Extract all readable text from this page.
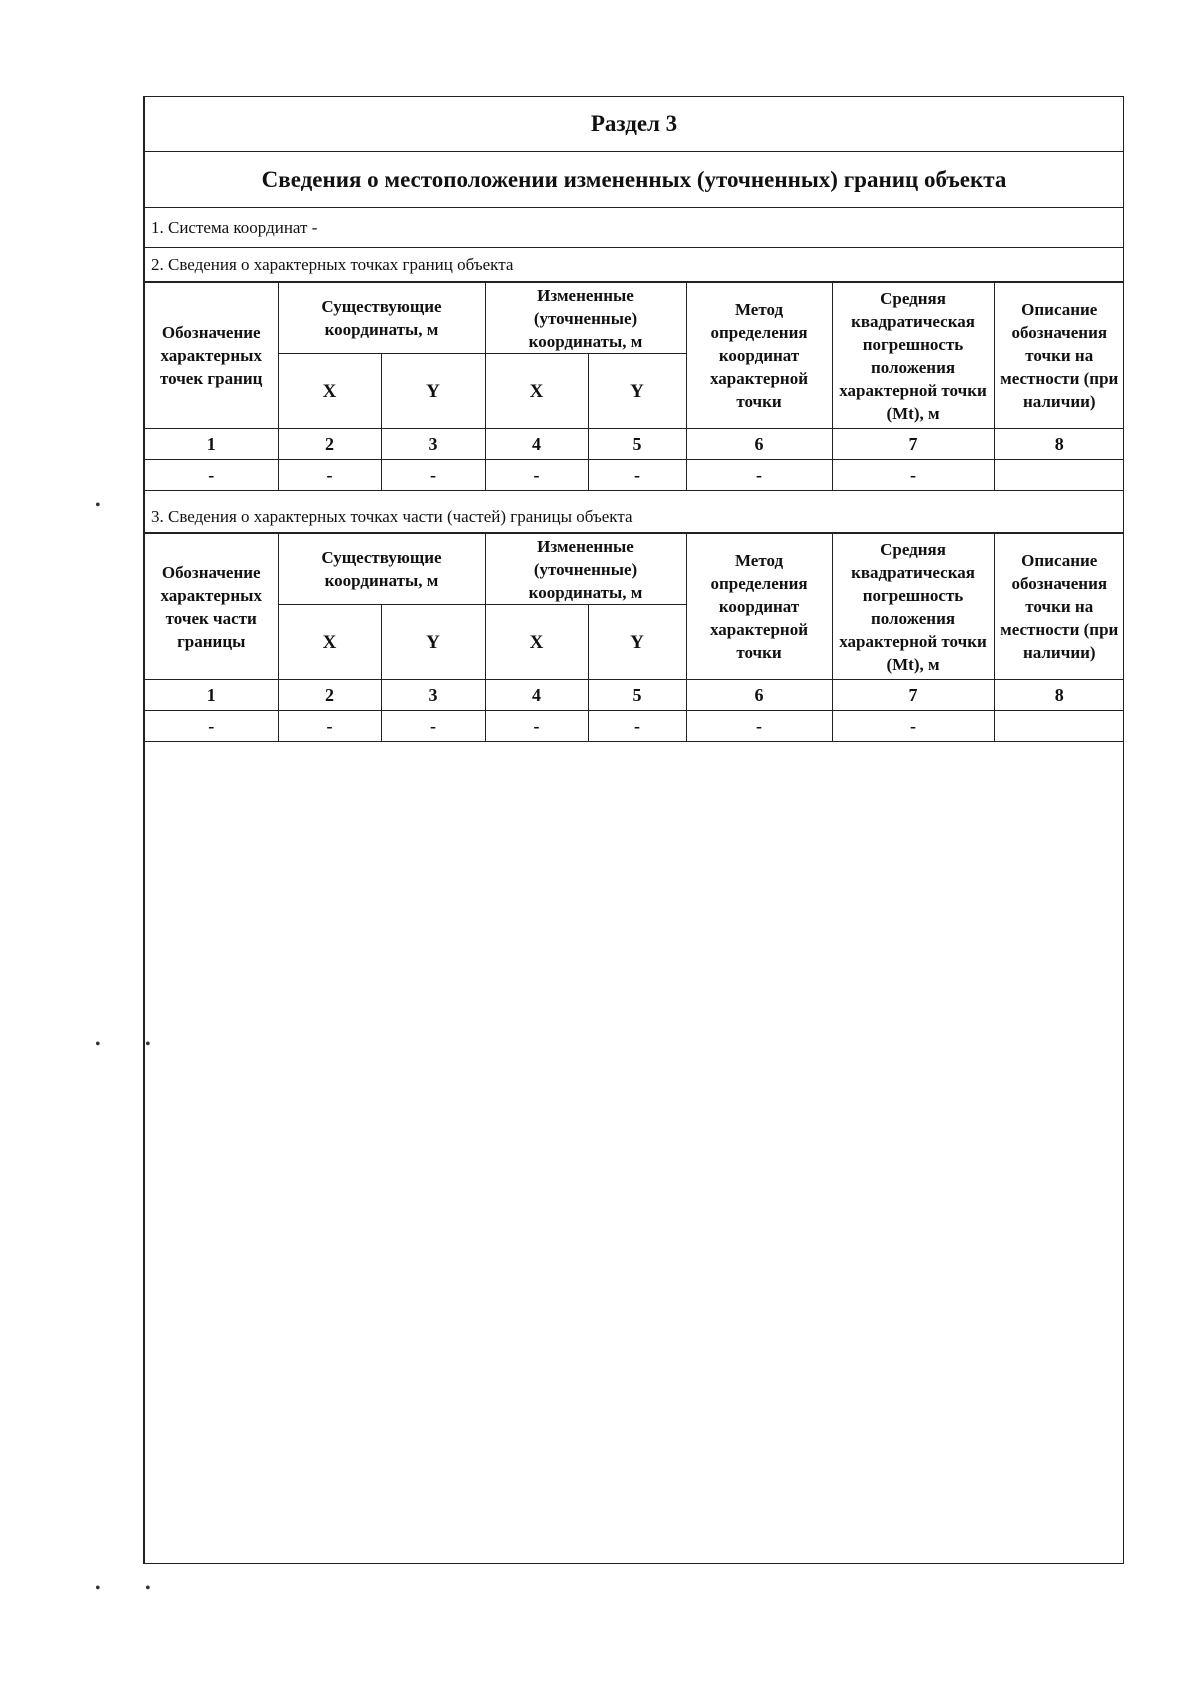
Раздел 3
Сведения о местоположении измененных (уточненных) границ объекта
1. Система координат -
2. Сведения о характерных точках границ объекта
Обозначение характерных точек границ	Существующие координаты, м		Измененные (уточненные) координаты, м		Метод определения координат характерной точки	Средняя квадратическая погрешность положения характерной точки (Mt), м	Описание обозначения точки на местности (при наличии)
	X	Y	X	Y			
1	2	3	4	5	6	7	8
-	-	-	-	-	-	-	
3. Сведения о характерных точках части (частей) границы объекта
Обозначение характерных точек части границы	Существующие координаты, м		Измененные (уточненные) координаты, м		Метод определения координат характерной точки	Средняя квадратическая погрешность положения характерной точки (Mt), м	Описание обозначения точки на местности (при наличии)
	X	Y	X	Y			
1	2	3	4	5	6	7	8
-	-	-	-	-	-	-	
•
•	•
•	•
